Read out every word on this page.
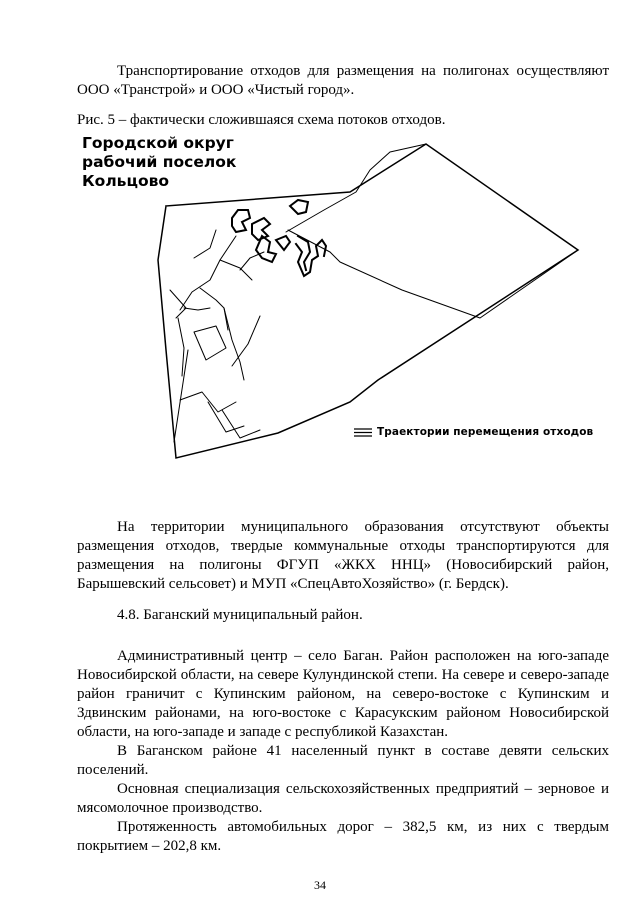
Транспортирование отходов для размещения на полигонах осуществляют ООО «Транстрой» и ООО «Чистый город».

Рис. 5 – фактически сложившаяся схема потоков отходов.

Городской округ
рабочий поселок
Кольцово

Траектории перемещения отходов

На территории муниципального образования отсутствуют объекты размещения отходов, твердые коммунальные отходы транспортируются для размещения на полигоны ФГУП «ЖКХ ННЦ» (Новосибирский район, Барышевский сельсовет) и МУП «СпецАвтоХозяйство» (г. Бердск).

4.8. Баганский муниципальный район.

Административный центр – село Баган. Район расположен на юго-западе Новосибирской области, на севере Кулундинской степи. На севере и северо-западе район граничит с Купинским районом, на северо-востоке с Купинским и Здвинским районами, на юго-востоке с Карасукским районом Новосибирской области, на юго-западе и западе с республикой Казахстан.

В Баганском районе 41 населенный пункт в составе девяти сельских поселений.

Основная специализация сельскохозяйственных предприятий – зерновое и мясомолочное производство.

Протяженность автомобильных дорог – 382,5 км, из них с твердым покрытием – 202,8 км.

34
